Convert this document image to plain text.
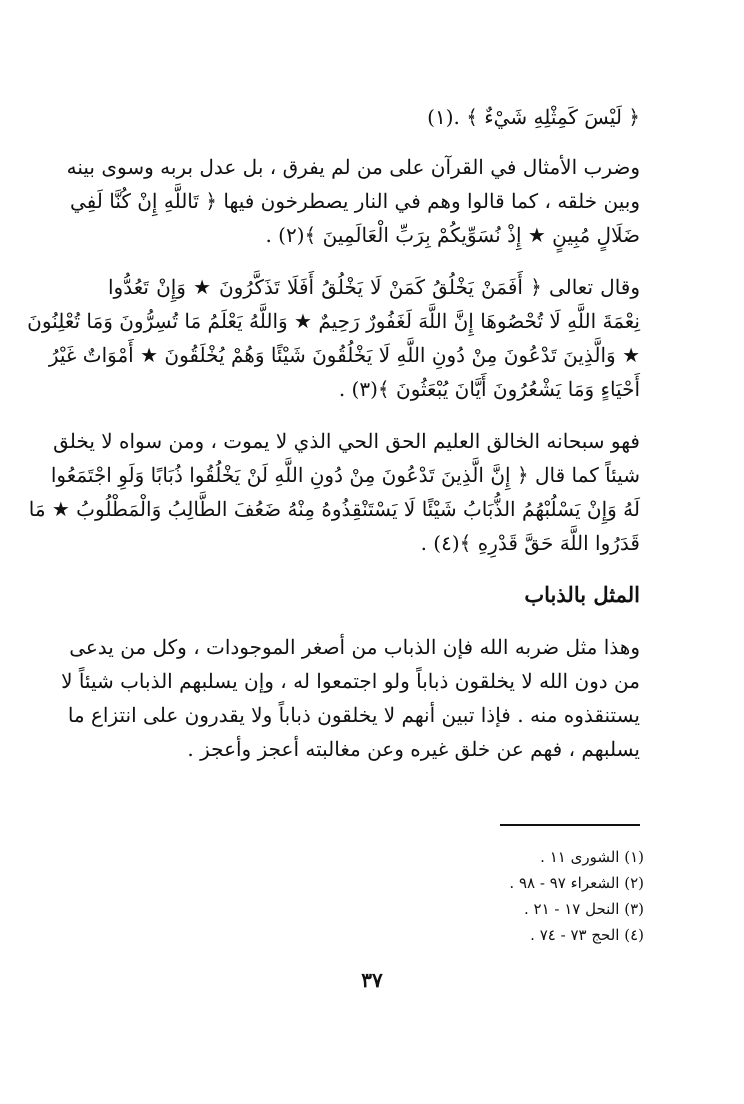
﴿ لَيْسَ كَمِثْلِهِ شَيْءٌ ﴾ .(١)
وضرب الأمثال في القرآن على من لم يفرق ، بل عدل بربه وسوى بينه
وبين خلقه ، كما قالوا وهم في النار يصطرخون فيها ﴿ تَاللَّهِ إِنْ كُنَّا لَفِي
ضَلَالٍ مُبِينٍ ★ إِذْ نُسَوِّيكُمْ بِرَبِّ الْعَالَمِينَ ﴾(٢) .
وقال تعالى ﴿ أَفَمَنْ يَخْلُقُ كَمَنْ لَا يَخْلُقُ أَفَلَا تَذَكَّرُونَ ★ وَإِنْ تَعُدُّوا
نِعْمَةَ اللَّهِ لَا تُحْصُوهَا إِنَّ اللَّهَ لَغَفُورٌ رَحِيمٌ ★ وَاللَّهُ يَعْلَمُ مَا تُسِرُّونَ وَمَا تُعْلِنُونَ
★ وَالَّذِينَ تَدْعُونَ مِنْ دُونِ اللَّهِ لَا يَخْلُقُونَ شَيْئًا وَهُمْ يُخْلَقُونَ ★ أَمْوَاتٌ غَيْرُ
أَحْيَاءٍ وَمَا يَشْعُرُونَ أَيَّانَ يُبْعَثُونَ ﴾(٣) .
فهو سبحانه الخالق العليم الحق الحي الذي لا يموت ، ومن سواه لا يخلق
شيئاً كما قال ﴿ إِنَّ الَّذِينَ تَدْعُونَ مِنْ دُونِ اللَّهِ لَنْ يَخْلُقُوا ذُبَابًا وَلَوِ اجْتَمَعُوا
لَهُ وَإِنْ يَسْلُبْهُمُ الذُّبَابُ شَيْئًا لَا يَسْتَنْقِذُوهُ مِنْهُ ضَعُفَ الطَّالِبُ وَالْمَطْلُوبُ ★ مَا
قَدَرُوا اللَّهَ حَقَّ قَدْرِهِ ﴾(٤) .
المثل بالذباب
وهذا مثل ضربه الله فإن الذباب من أصغر الموجودات ، وكل من يدعى
من دون الله لا يخلقون ذباباً ولو اجتمعوا له ، وإن يسلبهم الذباب شيئاً لا
يستنقذوه منه . فإذا تبين أنهم لا يخلقون ذباباً ولا يقدرون على انتزاع ما
يسلبهم ، فهم عن خلق غيره وعن مغالبته أعجز وأعجز .
(١) الشورى ١١ .
(٢) الشعراء ٩٧ - ٩٨ .
(٣) النحل ١٧ - ٢١ .
(٤) الحج ٧٣ - ٧٤ .
٣٧
